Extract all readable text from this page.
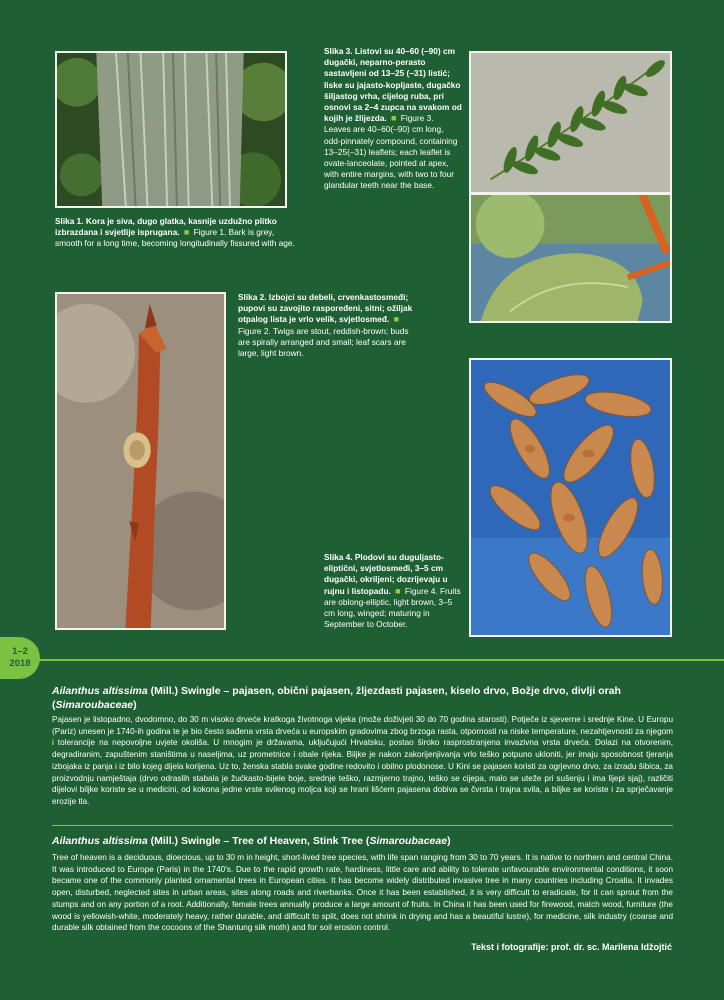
Slika 1. Kora je siva, dugo glatka, kasnije uzdužno plitko izbrazdana i svjetlije ispruganа. ■ Figure 1. Bark is grey, smooth for a long time, becoming longitudinally fissured with age.
Slika 3. Listovi su 40–60 (–90) cm dugački, neparno-perasto sastavljeni od 13–25 (–31) listić; liske su jajasto-kopljaste, dugačko šiljastog vrha, cijelog ruba, pri osnovi sa 2–4 zupca na svakom od kojih je žlijezda. ■ Figure 3. Leaves are 40–60(–90) cm long, odd-pinnately compound, containing 13–25(–31) leaflets; each leaflet is ovate-lanceolate, pointed at apex, with entire margins, with two to four glandular teeth near the base.
Slika 2. Izbojci su debeli, crvenkastosmeđi; pupovi su zavojito raspoređeni, sitni; ožiljak otpalog lista je vrlo velik, svjetlosmeđ. ■ Figure 2. Twigs are stout, reddish-brown; buds are spirally arranged and small; leaf scars are large, light brown.
Slika 4. Plodovi su duguljasto-eliptični, svjetlosmeđi, 3–5 cm dugački, okriljeni; dozrijevaju u rujnu i listopadu. ■ Figure 4. Fruits are oblong-elliptic, light brown, 3–5 cm long, winged; maturing in September to October.
1–2
2018
Ailanthus altissima (Mill.) Swingle – pajasen, obični pajasen, žljezdasti pajasen, kiselo drvo, Božje drvo, divlji orah (Simaroubaceae)
Pajasen je listopadno, dvodomno, do 30 m visoko drveće kratkoga životnoga vijeka (može doživjeti 30 do 70 godina starosti). Potječe iz sjeverne i srednje Kine. U Europu (Pariz) unesen je 1740-ih godina te je bio često sađena vrsta drveća u europskim gradovima zbog brzoga rasta, otpornosti na niske temperature, nezahtjevnosti za njegom i tolerancije na nepovoljne uvjete okoliša. U mnogim je državama, uključujući Hrvatsku, postao široko rasprostranjena invazivna vrsta drveća. Dolazi na otvorenim, degradiranim, zapuštenim staništima u naseljima, uz prometnice i obale rijeka. Biljke je nakon zakorijenjivanja vrlo teško potpuno ukloniti, jer imaju sposobnost tjeranja izbojaka iz panja i iz bilo kojeg dijela korijena. Uz to, ženska stabla svake godine redovito i obilno plodonose. U Kini se pajasen koristi za ogrjevno drvo, za izradu šibica, za proizvodnju namještaja (drvo odraslih stabala je žućkasto-bijele boje, srednje teško, razmjerno trajno, teško se cijepa, malo se uteže pri sušenju i ima lijepi sjaj), različiti dijelovi biljke koriste se u medicini, od kokona jedne vrste svilenog moljca koji se hrani lišćem pajasena dobiva se čvrsta i trajna svila, a biljke se koriste i za sprječavanje erozije tla.
Ailanthus altissima (Mill.) Swingle – Tree of Heaven, Stink Tree (Simaroubaceae)
Tree of heaven is a deciduous, dioecious, up to 30 m in height, short-lived tree species, with life span ranging from 30 to 70 years. It is native to northern and central China. It was introduced to Europe (Paris) in the 1740's. Due to the rapid growth rate, hardiness, little care and ability to tolerate unfavourable environmental conditions, it soon became one of the commonly planted ornamental trees in European cities. It has become widely distributed invasive tree in many countries including Croatia. It invades open, disturbed, neglected sites in urban areas, sites along roads and riverbanks. Once it has been established, it is very difficult to eradicate, for it can sprout from the stumps and on any portion of a root. Additionally, female trees annually produce a large amount of fruits. In China it has been used for firewood, match wood, furniture (the wood is yellowish-white, moderately heavy, rather durable, and difficult to split, does not shrink in drying and has a beautiful lustre), for medicine, silk industry (coarse and durable silk obtained from the cocoons of the Shantung silk moth) and for soil erosion control.
Tekst i fotografije: prof. dr. sc. Marilena Idžojtić
